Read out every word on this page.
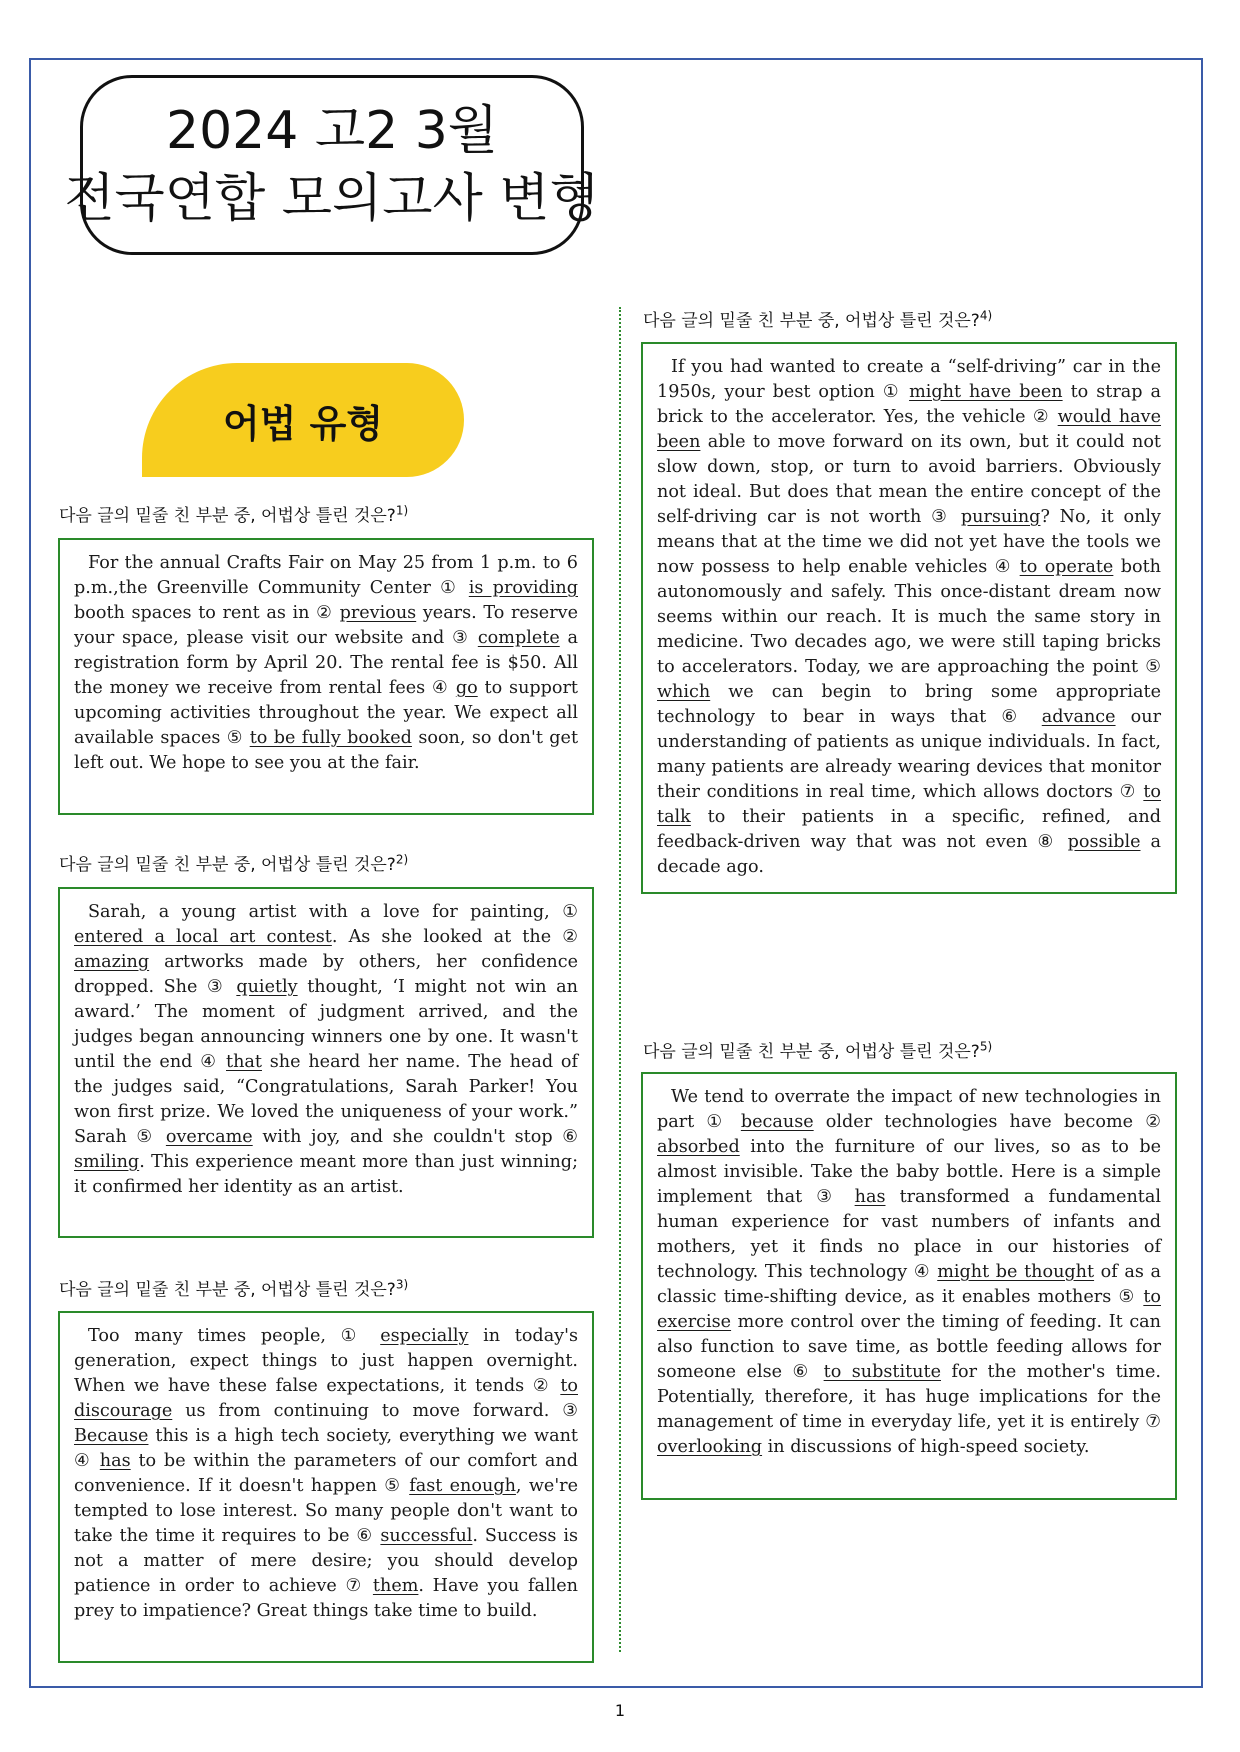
2024 고2 3월
전국연합 모의고사 변형
어법 유형
다음 글의 밑줄 친 부분 중, 어법상 틀린 것은?$^{1)}$
For the annual Crafts Fair on May 25 from 1 p.m. to 6 p.m.,the Greenville Community Center ① is providing booth spaces to rent as in ② previous years. To reserve your space, please visit our website and ③ complete a registration form by April 20. The rental fee is $50. All the money we receive from rental fees ④ go to support upcoming activities throughout the year. We expect all available spaces ⑤ to be fully booked soon, so don't get left out. We hope to see you at the fair.
다음 글의 밑줄 친 부분 중, 어법상 틀린 것은?$^{2)}$
Sarah, a young artist with a love for painting, ① entered a local art contest. As she looked at the ② amazing artworks made by others, her confidence dropped. She ③ quietly thought, ‘I might not win an award.’ The moment of judgment arrived, and the judges began announcing winners one by one. It wasn't until the end ④ that she heard her name. The head of the judges said, “Congratulations, Sarah Parker! You won first prize. We loved the uniqueness of your work.” Sarah ⑤ overcame with joy, and she couldn't stop ⑥ smiling. This experience meant more than just winning; it confirmed her identity as an artist.
다음 글의 밑줄 친 부분 중, 어법상 틀린 것은?$^{3)}$
Too many times people, ① especially in today's generation, expect things to just happen overnight. When we have these false expectations, it tends ② to discourage us from continuing to move forward. ③ Because this is a high tech society, everything we want ④ has to be within the parameters of our comfort and convenience. If it doesn't happen ⑤ fast enough, we're tempted to lose interest. So many people don't want to take the time it requires to be ⑥ successful. Success is not a matter of mere desire; you should develop patience in order to achieve ⑦ them. Have you fallen prey to impatience? Great things take time to build.
다음 글의 밑줄 친 부분 중, 어법상 틀린 것은?$^{4)}$
If you had wanted to create a “self-driving” car in the 1950s, your best option ① might have been to strap a brick to the accelerator. Yes, the vehicle ② would have been able to move forward on its own, but it could not slow down, stop, or turn to avoid barriers. Obviously not ideal. But does that mean the entire concept of the self-driving car is not worth ③ pursuing? No, it only means that at the time we did not yet have the tools we now possess to help enable vehicles ④ to operate both autonomously and safely. This once-distant dream now seems within our reach. It is much the same story in medicine. Two decades ago, we were still taping bricks to accelerators. Today, we are approaching the point ⑤ which we can begin to bring some appropriate technology to bear in ways that ⑥ advance our understanding of patients as unique individuals. In fact, many patients are already wearing devices that monitor their conditions in real time, which allows doctors ⑦ to talk to their patients in a specific, refined, and feedback-driven way that was not even ⑧ possible a decade ago.
다음 글의 밑줄 친 부분 중, 어법상 틀린 것은?$^{5)}$
We tend to overrate the impact of new technologies in part ① because older technologies have become ② absorbed into the furniture of our lives, so as to be almost invisible. Take the baby bottle. Here is a simple implement that ③ has transformed a fundamental human experience for vast numbers of infants and mothers, yet it finds no place in our histories of technology. This technology ④ might be thought of as a classic time-shifting device, as it enables mothers ⑤ to exercise more control over the timing of feeding. It can also function to save time, as bottle feeding allows for someone else ⑥ to substitute for the mother's time. Potentially, therefore, it has huge implications for the management of time in everyday life, yet it is entirely ⑦ overlooking in discussions of high-speed society.
1
